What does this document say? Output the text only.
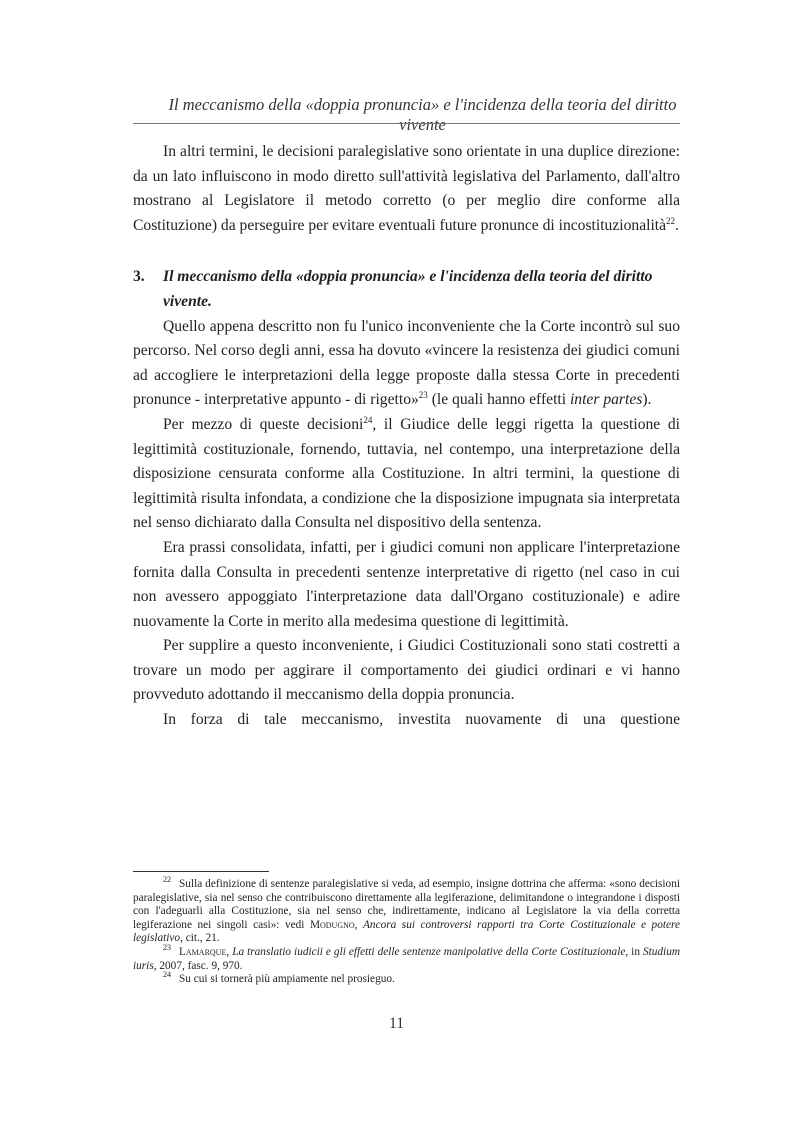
Il meccanismo della «doppia pronuncia» e l'incidenza della teoria del diritto vivente

In altri termini, le decisioni paralegislative sono orientate in una duplice direzione: da un lato influiscono in modo diretto sull'attività legislativa del Parlamento, dall'altro mostrano al Legislatore il metodo corretto (o per meglio dire conforme alla Costituzione) da perseguire per evitare eventuali future pronunce di incostituzionalità$^{22}$.

3.	Il meccanismo della «doppia pronuncia» e l'incidenza della teoria del diritto vivente.

Quello appena descritto non fu l'unico inconveniente che la Corte incontrò sul suo percorso. Nel corso degli anni, essa ha dovuto «vincere la resistenza dei giudici comuni ad accogliere le interpretazioni della legge proposte dalla stessa Corte in precedenti pronunce - interpretative appunto - di rigetto»$^{23}$ (le quali hanno effetti inter partes).

Per mezzo di queste decisioni$^{24}$, il Giudice delle leggi rigetta la questione di legittimità costituzionale, fornendo, tuttavia, nel contempo, una interpretazione della disposizione censurata conforme alla Costituzione. In altri termini, la questione di legittimità risulta infondata, a condizione che la disposizione impugnata sia interpretata nel senso dichiarato dalla Consulta nel dispositivo della sentenza.

Era prassi consolidata, infatti, per i giudici comuni non applicare l'interpretazione fornita dalla Consulta in precedenti sentenze interpretative di rigetto (nel caso in cui non avessero appoggiato l'interpretazione data dall'Organo costituzionale) e adire nuovamente la Corte in merito alla medesima questione di legittimità.

Per supplire a questo inconveniente, i Giudici Costituzionali sono stati costretti a trovare un modo per aggirare il comportamento dei giudici ordinari e vi hanno provveduto adottando il meccanismo della doppia pronuncia.

In forza di tale meccanismo, investita nuovamente di una questione

$^{22}$ Sulla definizione di sentenze paralegislative si veda, ad esempio, insigne dottrina che afferma: «sono decisioni paralegislative, sia nel senso che contribuiscono direttamente alla legiferazione, delimitandone o integrandone i disposti con l'adeguarli alla Costituzione, sia nel senso che, indirettamente, indicano al Legislatore la via della corretta legiferazione nei singoli casi»: vedi Modugno, Ancora sui controversi rapporti tra Corte Costituzionale e potere legislativo, cit., 21.

$^{23}$ Lamarque, La translatio iudicii e gli effetti delle sentenze manipolative della Corte Costituzionale, in Studium iuris, 2007, fasc. 9, 970.

$^{24}$ Su cui si tornerà più ampiamente nel prosieguo.

11
